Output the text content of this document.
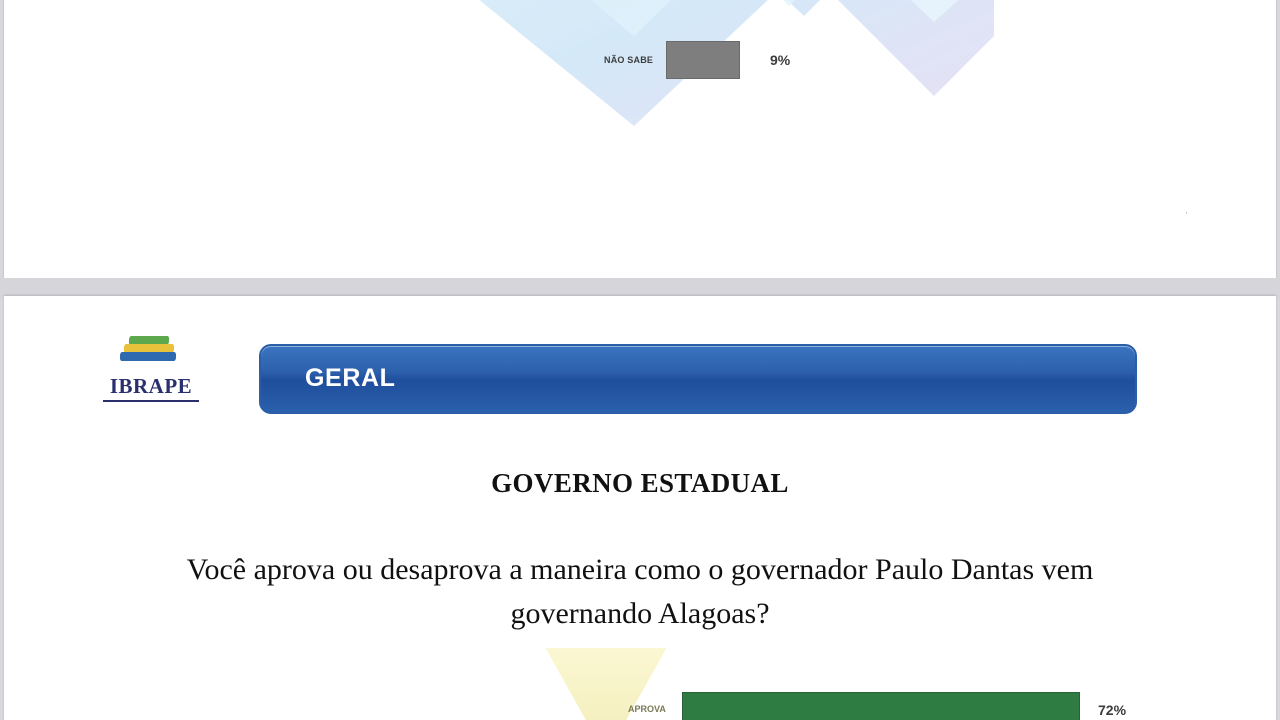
NÃO SABE	9%
·
IBRAPE	GERAL
GOVERNO ESTADUAL
Você aprova ou desaprova a maneira como o governador Paulo Dantas vem governando Alagoas?
APROVA	72%
